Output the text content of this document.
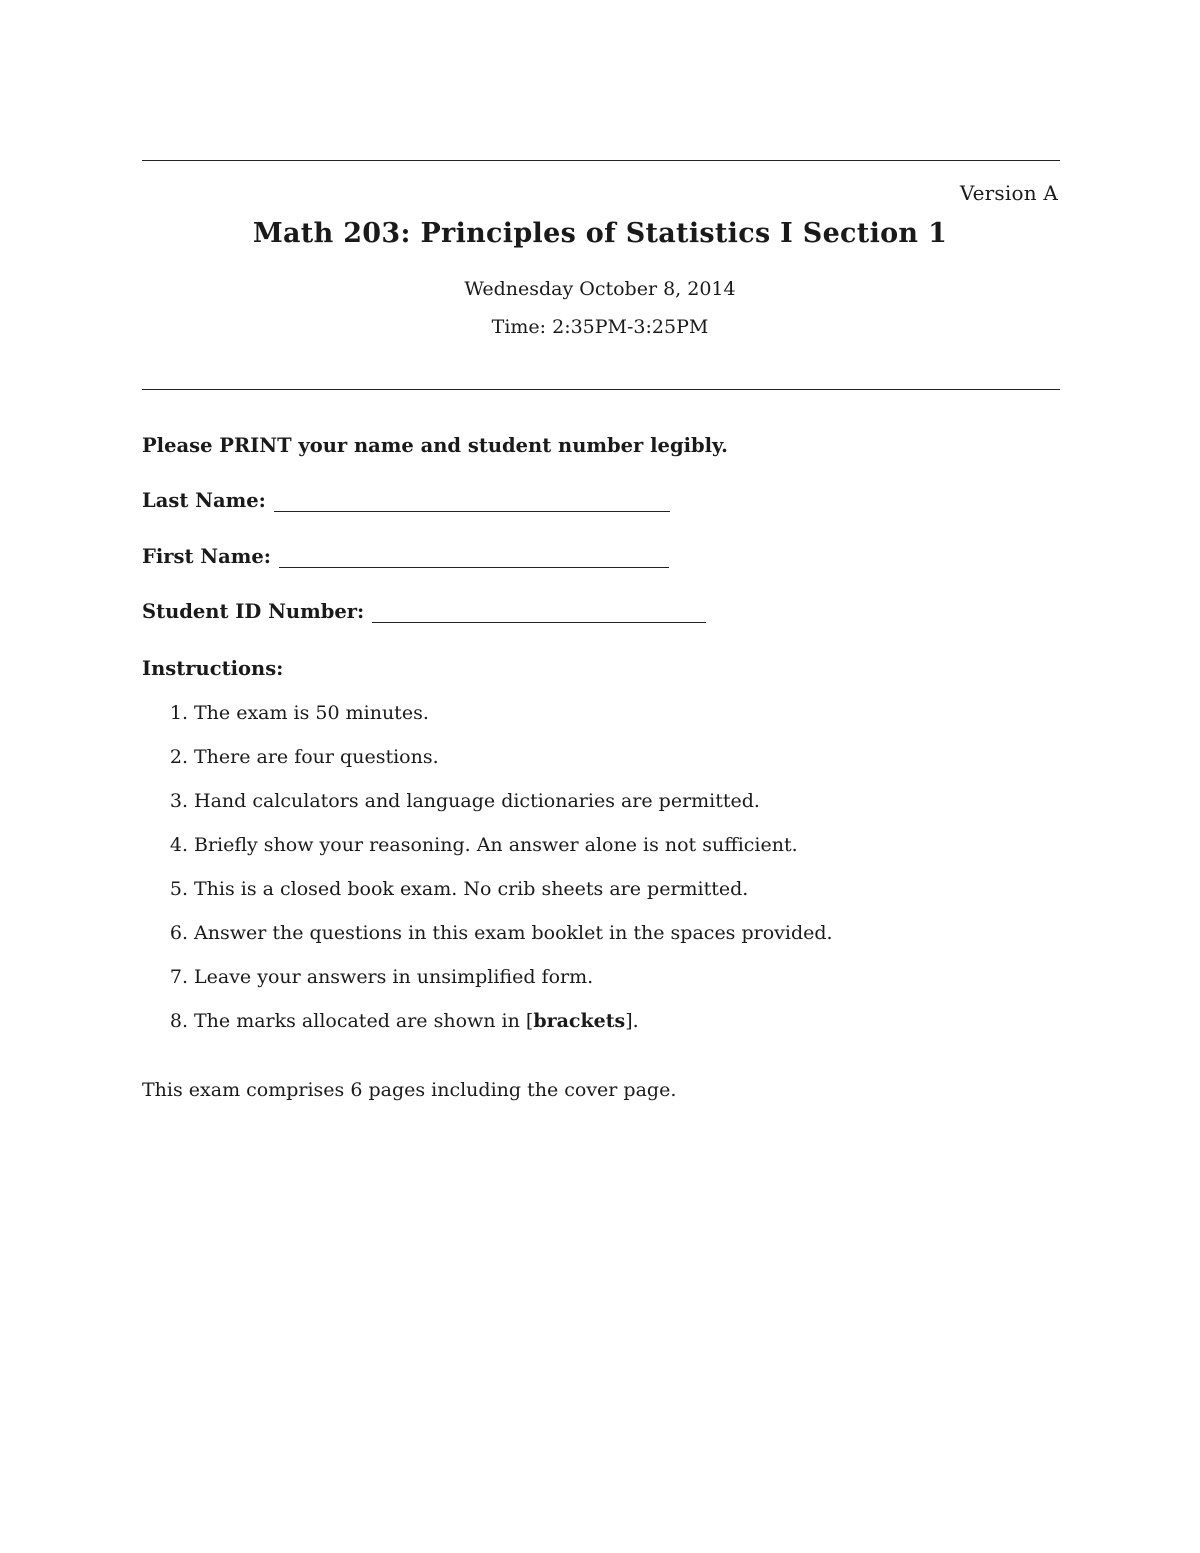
Version A
Math 203: Principles of Statistics I Section 1
Wednesday October 8, 2014
Time: 2:35PM-3:25PM
Please PRINT your name and student number legibly.
Last Name:
First Name:
Student ID Number:
Instructions:
1. The exam is 50 minutes.
2. There are four questions.
3. Hand calculators and language dictionaries are permitted.
4. Briefly show your reasoning. An answer alone is not sufficient.
5. This is a closed book exam. No crib sheets are permitted.
6. Answer the questions in this exam booklet in the spaces provided.
7. Leave your answers in unsimplified form.
8. The marks allocated are shown in [brackets].
This exam comprises 6 pages including the cover page.
